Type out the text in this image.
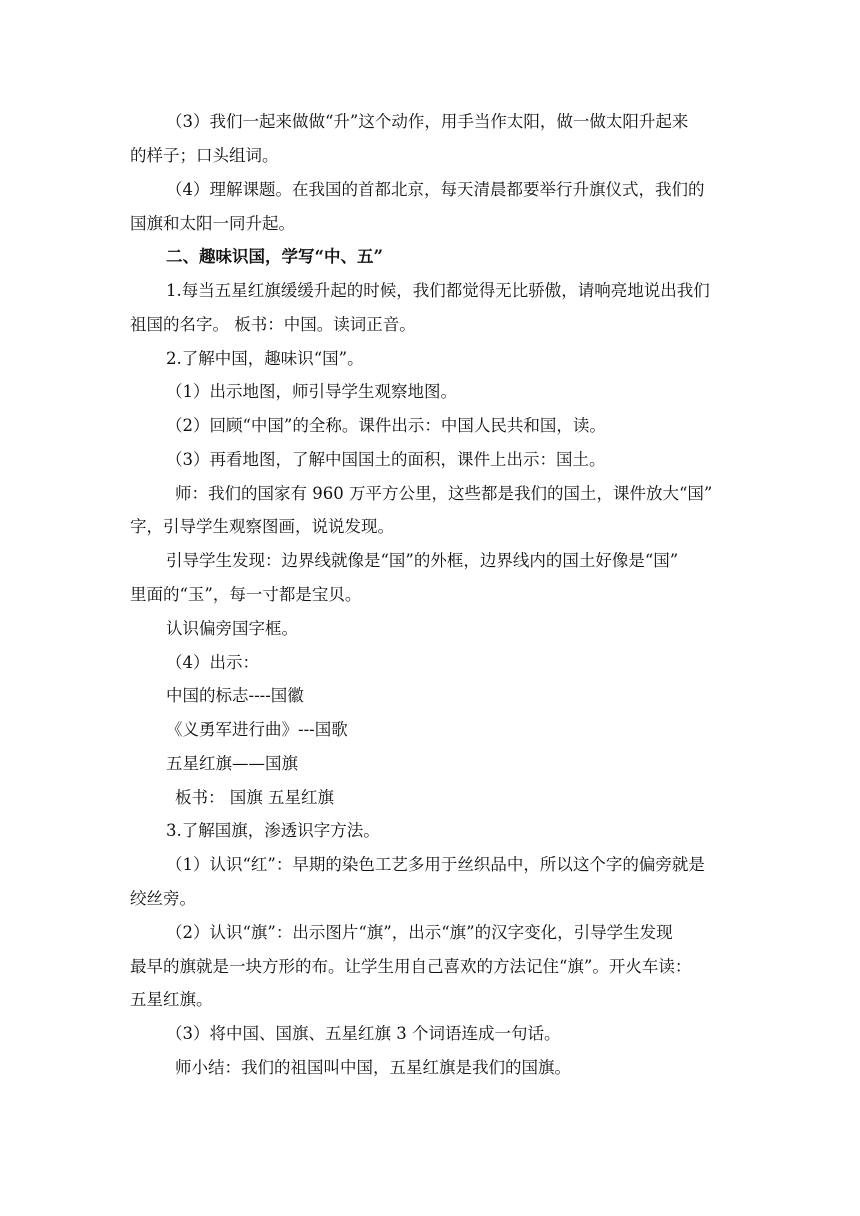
（3）我们一起来做做“升”这个动作，用手当作太阳，做一做太阳升起来
的样子；口头组词。
（4）理解课题。在我国的首都北京，每天清晨都要举行升旗仪式，我们的
国旗和太阳一同升起。
二、趣味识国，学写“中、五”
1.每当五星红旗缓缓升起的时候，我们都觉得无比骄傲，请响亮地说出我们
祖国的名字。 板书：中国。读词正音。
2.了解中国，趣味识“国”。
（1）出示地图，师引导学生观察地图。
（2）回顾“中国”的全称。课件出示：中国人民共和国，读。
（3）再看地图，了解中国国土的面积，课件上出示：国土。
师：我们的国家有 960 万平方公里，这些都是我们的国土，课件放大“国”
字，引导学生观察图画，说说发现。
引导学生发现：边界线就像是“国”的外框，边界线内的国土好像是“国”
里面的“玉”，每一寸都是宝贝。
认识偏旁国字框。
（4）出示：
中国的标志----国徽
《义勇军进行曲》---国歌
五星红旗——国旗
板书： 国旗 五星红旗
3.了解国旗，渗透识字方法。
（1）认识“红”：早期的染色工艺多用于丝织品中，所以这个字的偏旁就是
绞丝旁。
（2）认识“旗”：出示图片“旗”，出示“旗”的汉字变化，引导学生发现
最早的旗就是一块方形的布。让学生用自己喜欢的方法记住“旗”。开火车读：
五星红旗。
（3）将中国、国旗、五星红旗 3 个词语连成一句话。
师小结：我们的祖国叫中国，五星红旗是我们的国旗。
